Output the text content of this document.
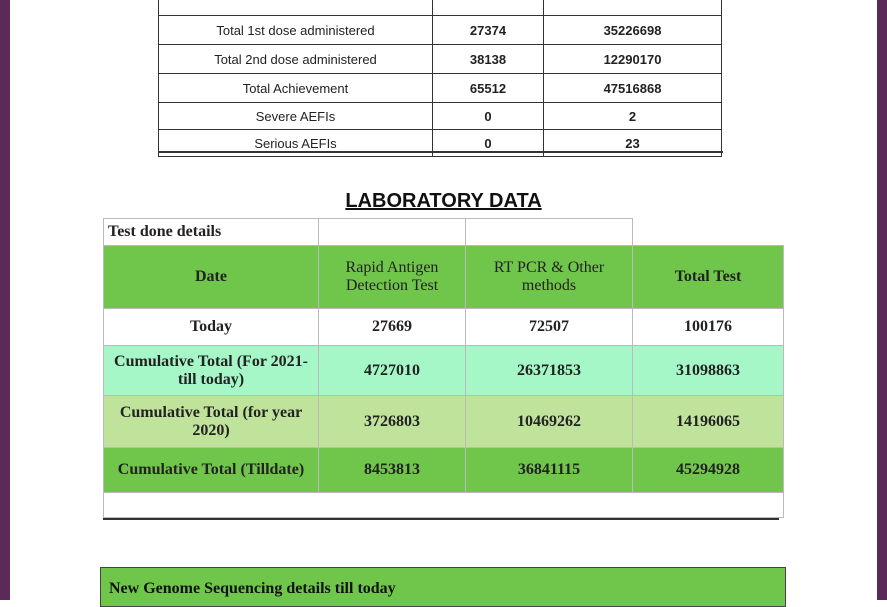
Total 1st dose administered	27374	35226698
Total 2nd dose administered	38138	12290170
Total Achievement	65512	47516868
Severe AEFIs	0	2
Serious AEFIs	0	23
LABORATORY DATA
Test done details			
Date	Rapid Antigen Detection Test	RT PCR & Other methods	Total Test
Today	27669	72507	100176
Cumulative Total (For 2021- till today)	4727010	26371853	31098863
Cumulative Total (for year 2020)	3726803	10469262	14196065
Cumulative Total (Tilldate)	8453813	36841115	45294928

New Genome Sequencing details till today
